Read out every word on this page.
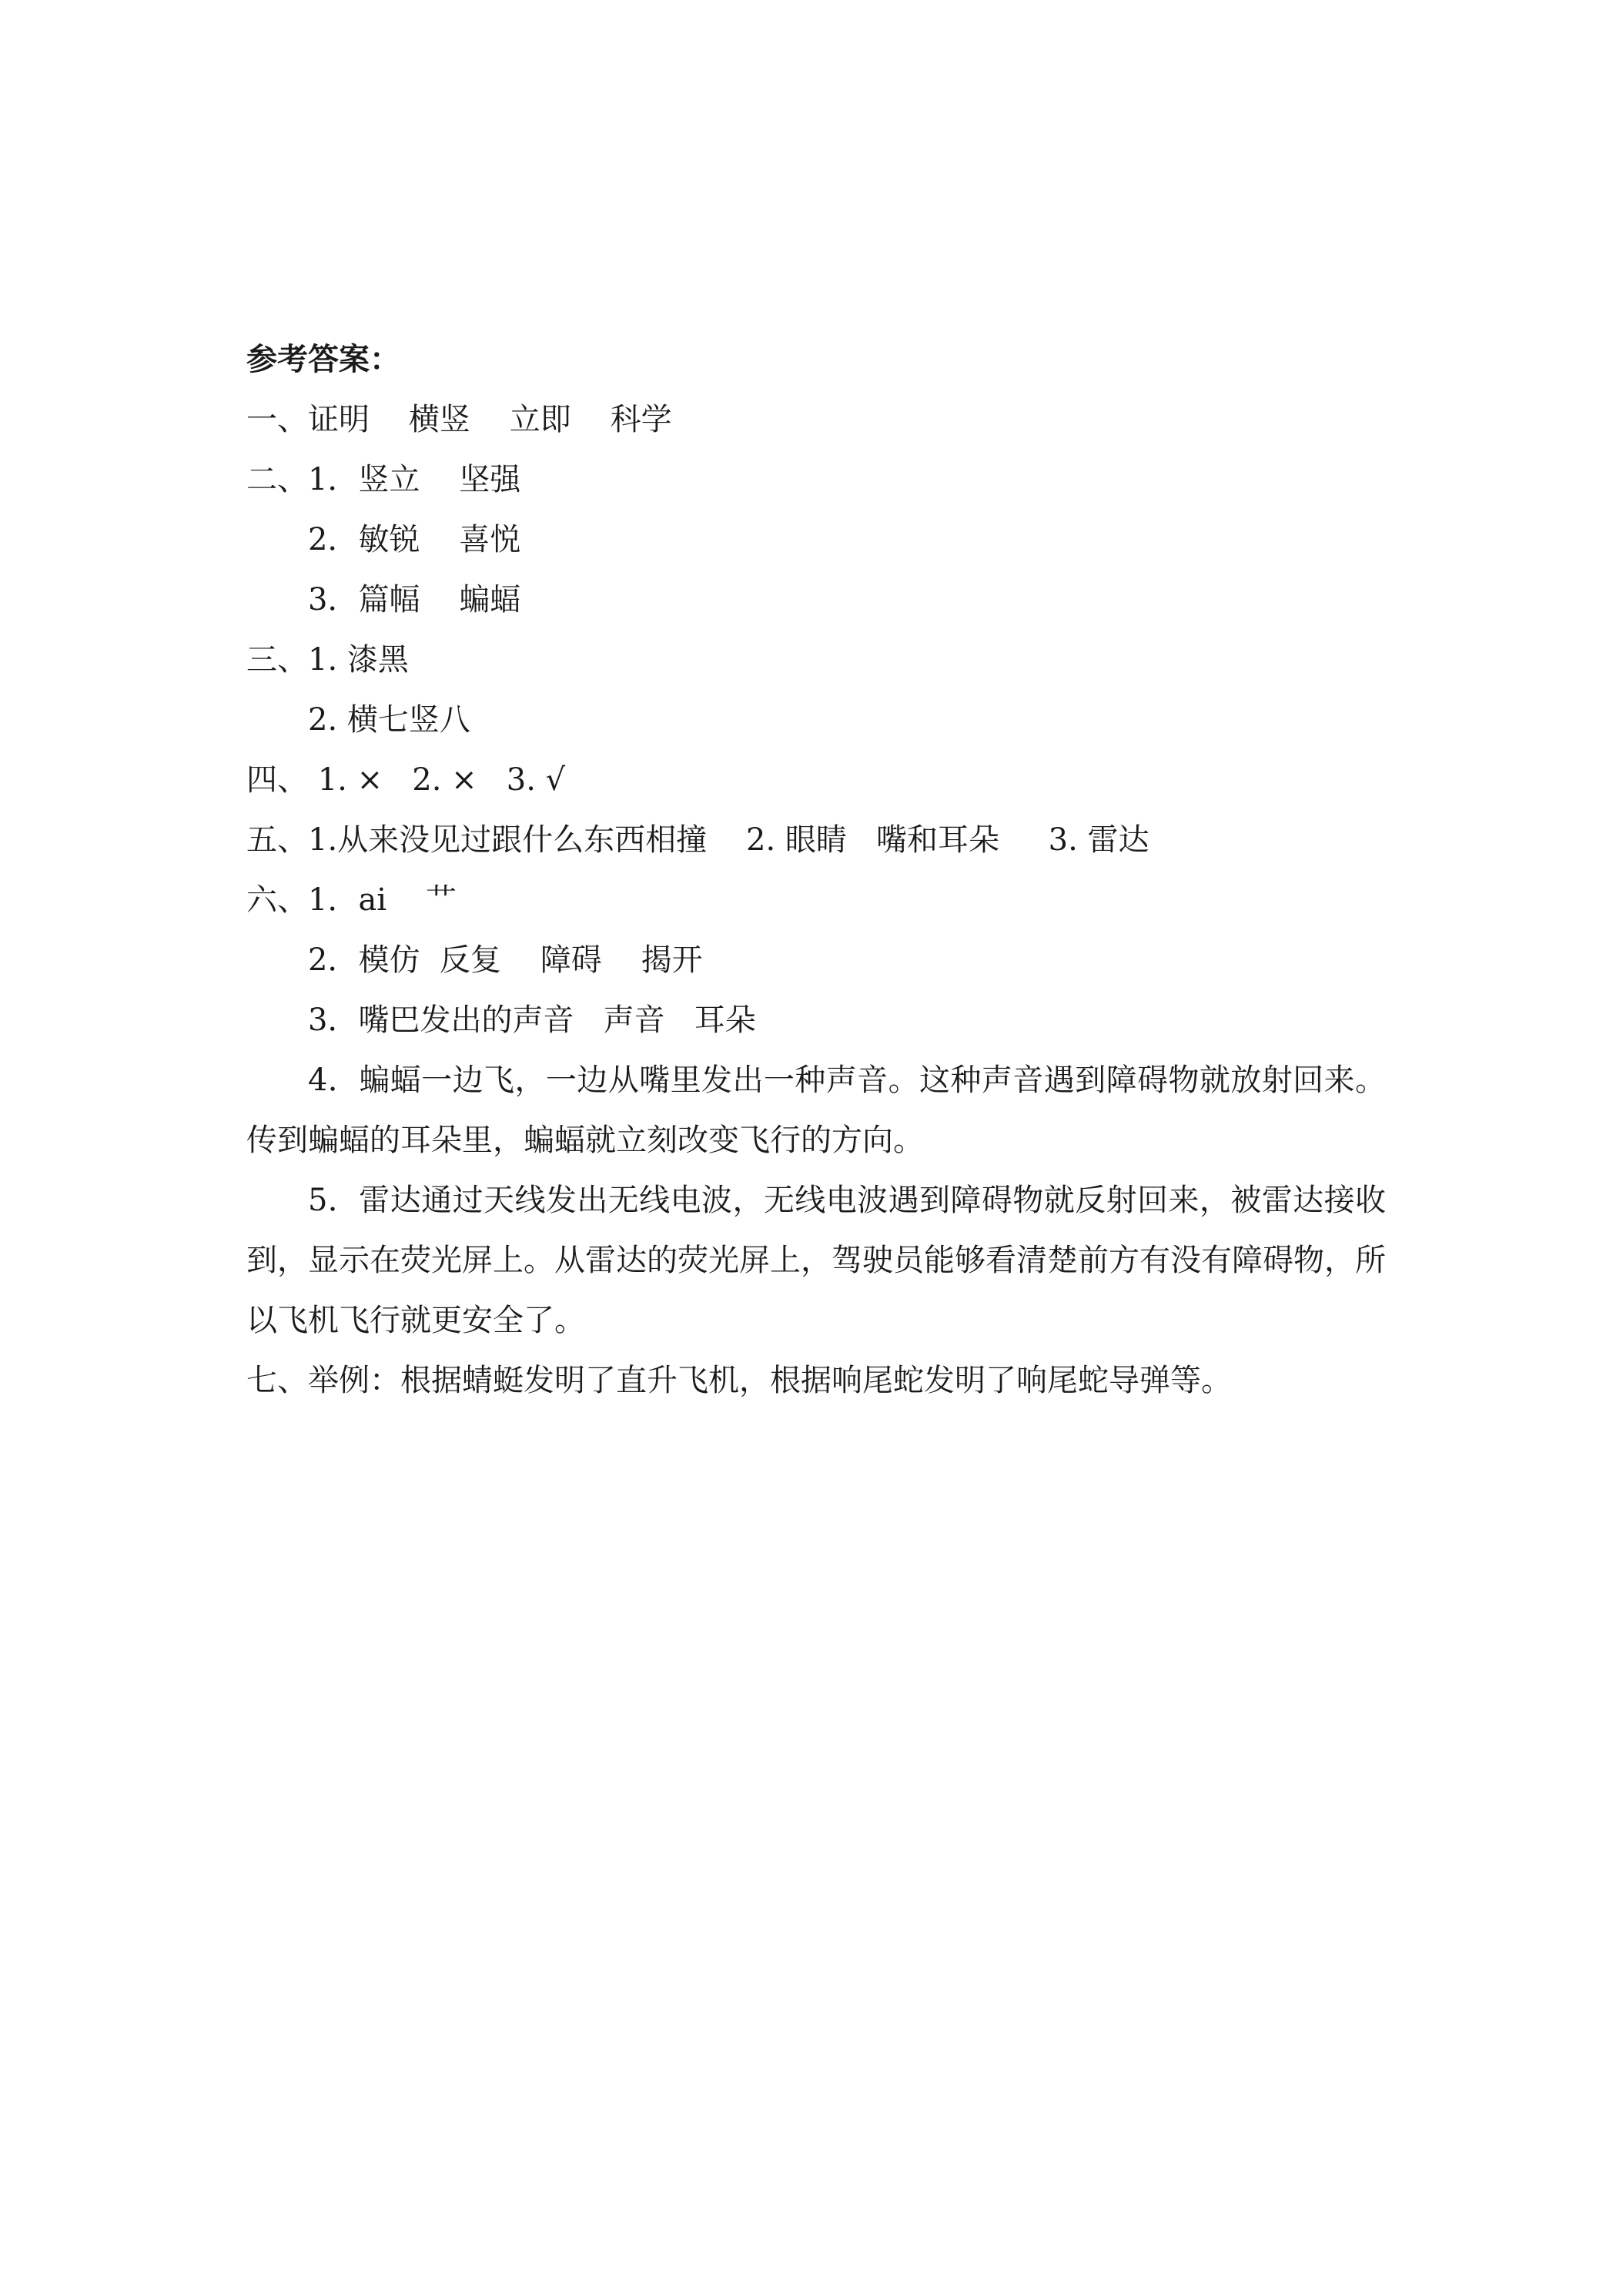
参考答案：
一、证明    横竖    立即    科学
二、1．竖立    坚强
2．敏锐    喜悦
3．篇幅    蝙蝠
三、1. 漆黑
2. 横七竖八
四、 1. ×   2. ×   3. √
五、1.从来没见过跟什么东西相撞    2. 眼睛   嘴和耳朵     3. 雷达
六、1．ai    艹
2．模仿  反复    障碍    揭开
3．嘴巴发出的声音   声音   耳朵

4．蝙蝠一边飞，一边从嘴里发出一种声音。这种声音遇到障碍物就放射回来。传到蝙蝠的耳朵里，蝙蝠就立刻改变飞行的方向。

5．雷达通过天线发出无线电波，无线电波遇到障碍物就反射回来，被雷达接收到，显示在荧光屏上。从雷达的荧光屏上，驾驶员能够看清楚前方有没有障碍物，所以飞机飞行就更安全了。

七、举例：根据蜻蜓发明了直升飞机，根据响尾蛇发明了响尾蛇导弹等。
